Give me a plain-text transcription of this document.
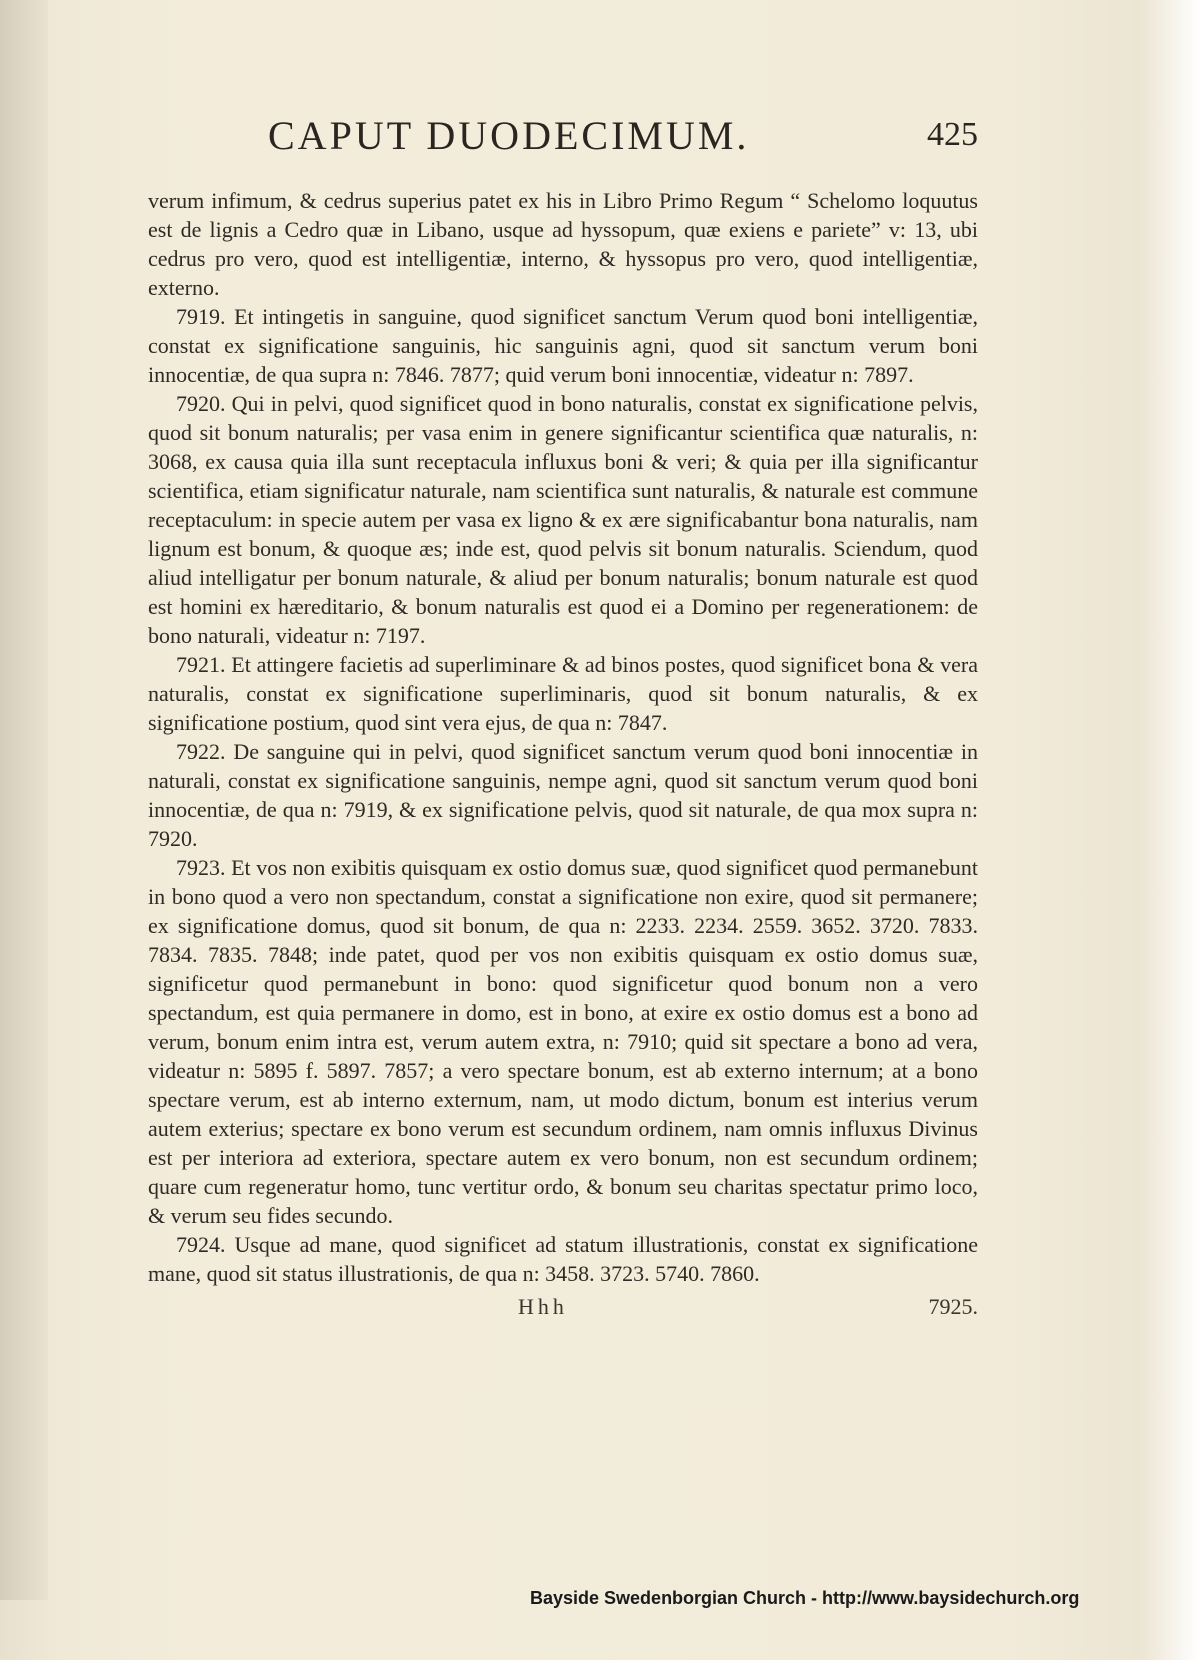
CAPUT DUODECIMUM.	425

verum infimum, & cedrus superius patet ex his in Libro Primo Regum “ Schelomo loquutus est de lignis a Cedro quæ in Libano, usque ad hyssopum, quæ exiens e pariete” v: 13, ubi cedrus pro vero, quod est intelligentiæ, interno, & hyssopus pro vero, quod intelligentiæ, externo.

7919. Et intingetis in sanguine, quod significet sanctum Verum quod boni intelligentiæ, constat ex significatione sanguinis, hic sanguinis agni, quod sit sanctum verum boni innocentiæ, de qua supra n: 7846. 7877; quid verum boni innocentiæ, videatur n: 7897.

7920. Qui in pelvi, quod significet quod in bono naturalis, constat ex significatione pelvis, quod sit bonum naturalis; per vasa enim in genere significantur scientifica quæ naturalis, n: 3068, ex causa quia illa sunt receptacula influxus boni & veri; & quia per illa significantur scientifica, etiam significatur naturale, nam scientifica sunt naturalis, & naturale est commune receptaculum: in specie autem per vasa ex ligno & ex ære significabantur bona naturalis, nam lignum est bonum, & quoque æs; inde est, quod pelvis sit bonum naturalis. Sciendum, quod aliud intelligatur per bonum naturale, & aliud per bonum naturalis; bonum naturale est quod est homini ex hæreditario, & bonum naturalis est quod ei a Domino per regenerationem: de bono naturali, videatur n: 7197.

7921. Et attingere facietis ad superliminare & ad binos postes, quod significet bona & vera naturalis, constat ex significatione superliminaris, quod sit bonum naturalis, & ex significatione postium, quod sint vera ejus, de qua n: 7847.

7922. De sanguine qui in pelvi, quod significet sanctum verum quod boni innocentiæ in naturali, constat ex significatione sanguinis, nempe agni, quod sit sanctum verum quod boni innocentiæ, de qua n: 7919, & ex significatione pelvis, quod sit naturale, de qua mox supra n: 7920.

7923. Et vos non exibitis quisquam ex ostio domus suæ, quod significet quod permanebunt in bono quod a vero non spectandum, constat a significatione non exire, quod sit permanere; ex significatione domus, quod sit bonum, de qua n: 2233. 2234. 2559. 3652. 3720. 7833. 7834. 7835. 7848; inde patet, quod per vos non exibitis quisquam ex ostio domus suæ, significetur quod permanebunt in bono: quod significetur quod bonum non a vero spectandum, est quia permanere in domo, est in bono, at exire ex ostio domus est a bono ad verum, bonum enim intra est, verum autem extra, n: 7910; quid sit spectare a bono ad vera, videatur n: 5895 f. 5897. 7857; a vero spectare bonum, est ab externo internum; at a bono spectare verum, est ab interno externum, nam, ut modo dictum, bonum est interius verum autem exterius; spectare ex bono verum est secundum ordinem, nam omnis influxus Divinus est per interiora ad exteriora, spectare autem ex vero bonum, non est secundum ordinem; quare cum regeneratur homo, tunc vertitur ordo, & bonum seu charitas spectatur primo loco, & verum seu fides secundo.

7924. Usque ad mane, quod significet ad statum illustrationis, constat ex significatione mane, quod sit status illustrationis, de qua n: 3458. 3723. 5740. 7860.

Hhh	7925.
Bayside Swedenborgian Church - http://www.baysidechurch.org
